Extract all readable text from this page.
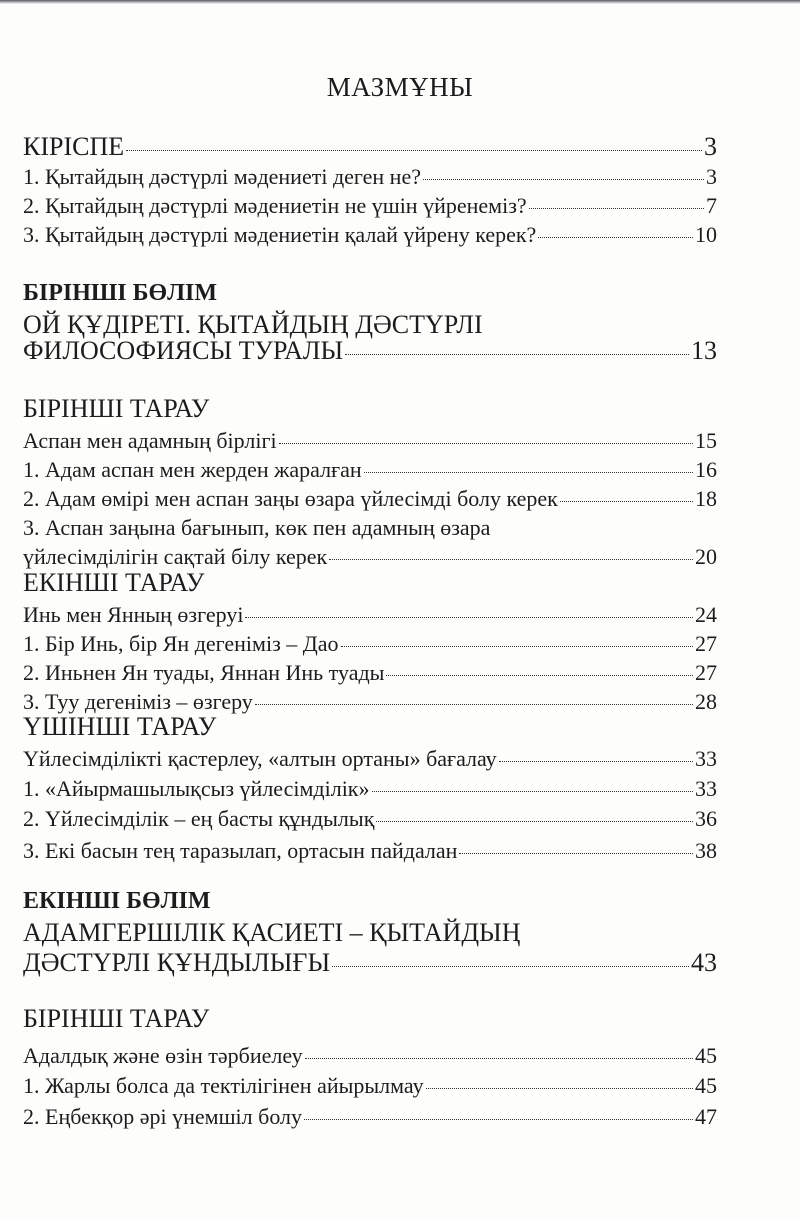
МАЗМҰНЫ
КІРІСПЕ	3
1. Қытайдың дәстүрлі мәдениеті деген не?	3
2. Қытайдың дәстүрлі мәдениетін не үшін үйренеміз?	7
3. Қытайдың дәстүрлі мәдениетін қалай үйрену керек?	10
БІРІНШІ БӨЛІМ
ОЙ ҚҰДІРЕТІ. ҚЫТАЙДЫҢ ДӘСТҮРЛІ
ФИЛОСОФИЯСЫ ТУРАЛЫ	13
БІРІНШІ ТАРАУ
Аспан мен адамның бірлігі	15
1. Адам аспан мен жерден жаралған	16
2. Адам өмірі мен аспан заңы өзара үйлесімді болу керек	18
3. Аспан заңына бағынып, көк пен адамның өзара
үйлесімділігін сақтай білу керек	20
ЕКІНШІ ТАРАУ
Инь мен Янның өзгеруі	24
1. Бір Инь, бір Ян дегеніміз – Дао	27
2. Иньнен Ян туады, Яннан Инь туады	27
3. Туу дегеніміз – өзгеру	28
ҮШІНШІ ТАРАУ
Үйлесімділікті қастерлеу, «алтын ортаны» бағалау	33
1. «Айырмашылықсыз үйлесімділік»	33
2. Үйлесімділік – ең басты құндылық	36
3. Екі басын тең таразылап, ортасын пайдалан	38
ЕКІНШІ БӨЛІМ
АДАМГЕРШІЛІК ҚАСИЕТІ – ҚЫТАЙДЫҢ
ДӘСТҮРЛІ ҚҰНДЫЛЫҒЫ	43
БІРІНШІ ТАРАУ
Адалдық және өзін тәрбиелеу	45
1. Жарлы болса да тектілігінен айырылмау	45
2. Еңбекқор әрі үнемшіл болу	47
